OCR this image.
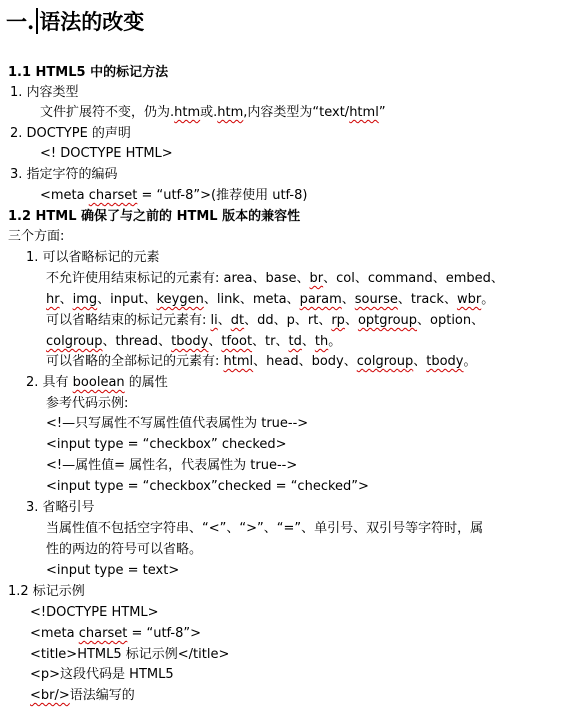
一. 语法的改变
1.1 HTML5 中的标记方法
1. 内容类型
文件扩展符不变，仍为.htm或.htm,内容类型为“text/html”
2. DOCTYPE 的声明
<! DOCTYPE HTML>
3. 指定字符的编码
<meta charset = “utf-8”>(推荐使用 utf-8)
1.2 HTML 确保了与之前的 HTML 版本的兼容性
三个方面:
1. 可以省略标记的元素
不允许使用结束标记的元素有: area、base、br、col、command、embed、
hr、img、input、keygen、link、meta、param、sourse、track、wbr。
可以省略结束的标记元素有: li、dt、dd、p、rt、rp、optgroup、option、
colgroup、thread、tbody、tfoot、tr、td、th。
可以省略的全部标记的元素有: html、head、body、colgroup、tbody。
2. 具有 boolean 的属性
参考代码示例:
<!—只写属性不写属性值代表属性为 true-->
<input type = “checkbox” checked>
<!—属性值= 属性名，代表属性为 true-->
<input type = “checkbox”checked = “checked”>
3. 省略引号
当属性值不包括空字符串、“<”、“>”、“=”、单引号、双引号等字符时，属
性的两边的符号可以省略。
<input type = text>
1.2 标记示例
<!DOCTYPE HTML>
<meta charset = “utf-8”>
<title>HTML5 标记示例</title>
<p>这段代码是 HTML5
<br/>语法编写的
